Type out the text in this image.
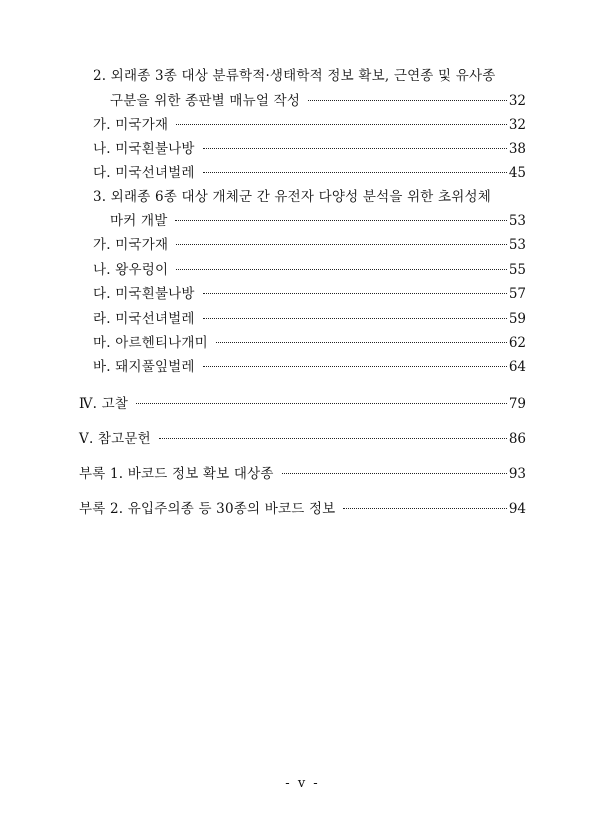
2. 외래종 3종 대상 분류학적·생태학적 정보 확보, 근연종 및 유사종
구분을 위한 종판별 매뉴얼 작성	32
가. 미국가재	32
나. 미국흰불나방	38
다. 미국선녀벌레	45
3. 외래종 6종 대상 개체군 간 유전자 다양성 분석을 위한 초위성체
마커 개발	53
가. 미국가재	53
나. 왕우렁이	55
다. 미국흰불나방	57
라. 미국선녀벌레	59
마. 아르헨티나개미	62
바. 돼지풀잎벌레	64
Ⅳ. 고찰	79
Ⅴ. 참고문헌	86
부록 1. 바코드 정보 확보 대상종	93
부록 2. 유입주의종 등 30종의 바코드 정보	94
- v -
